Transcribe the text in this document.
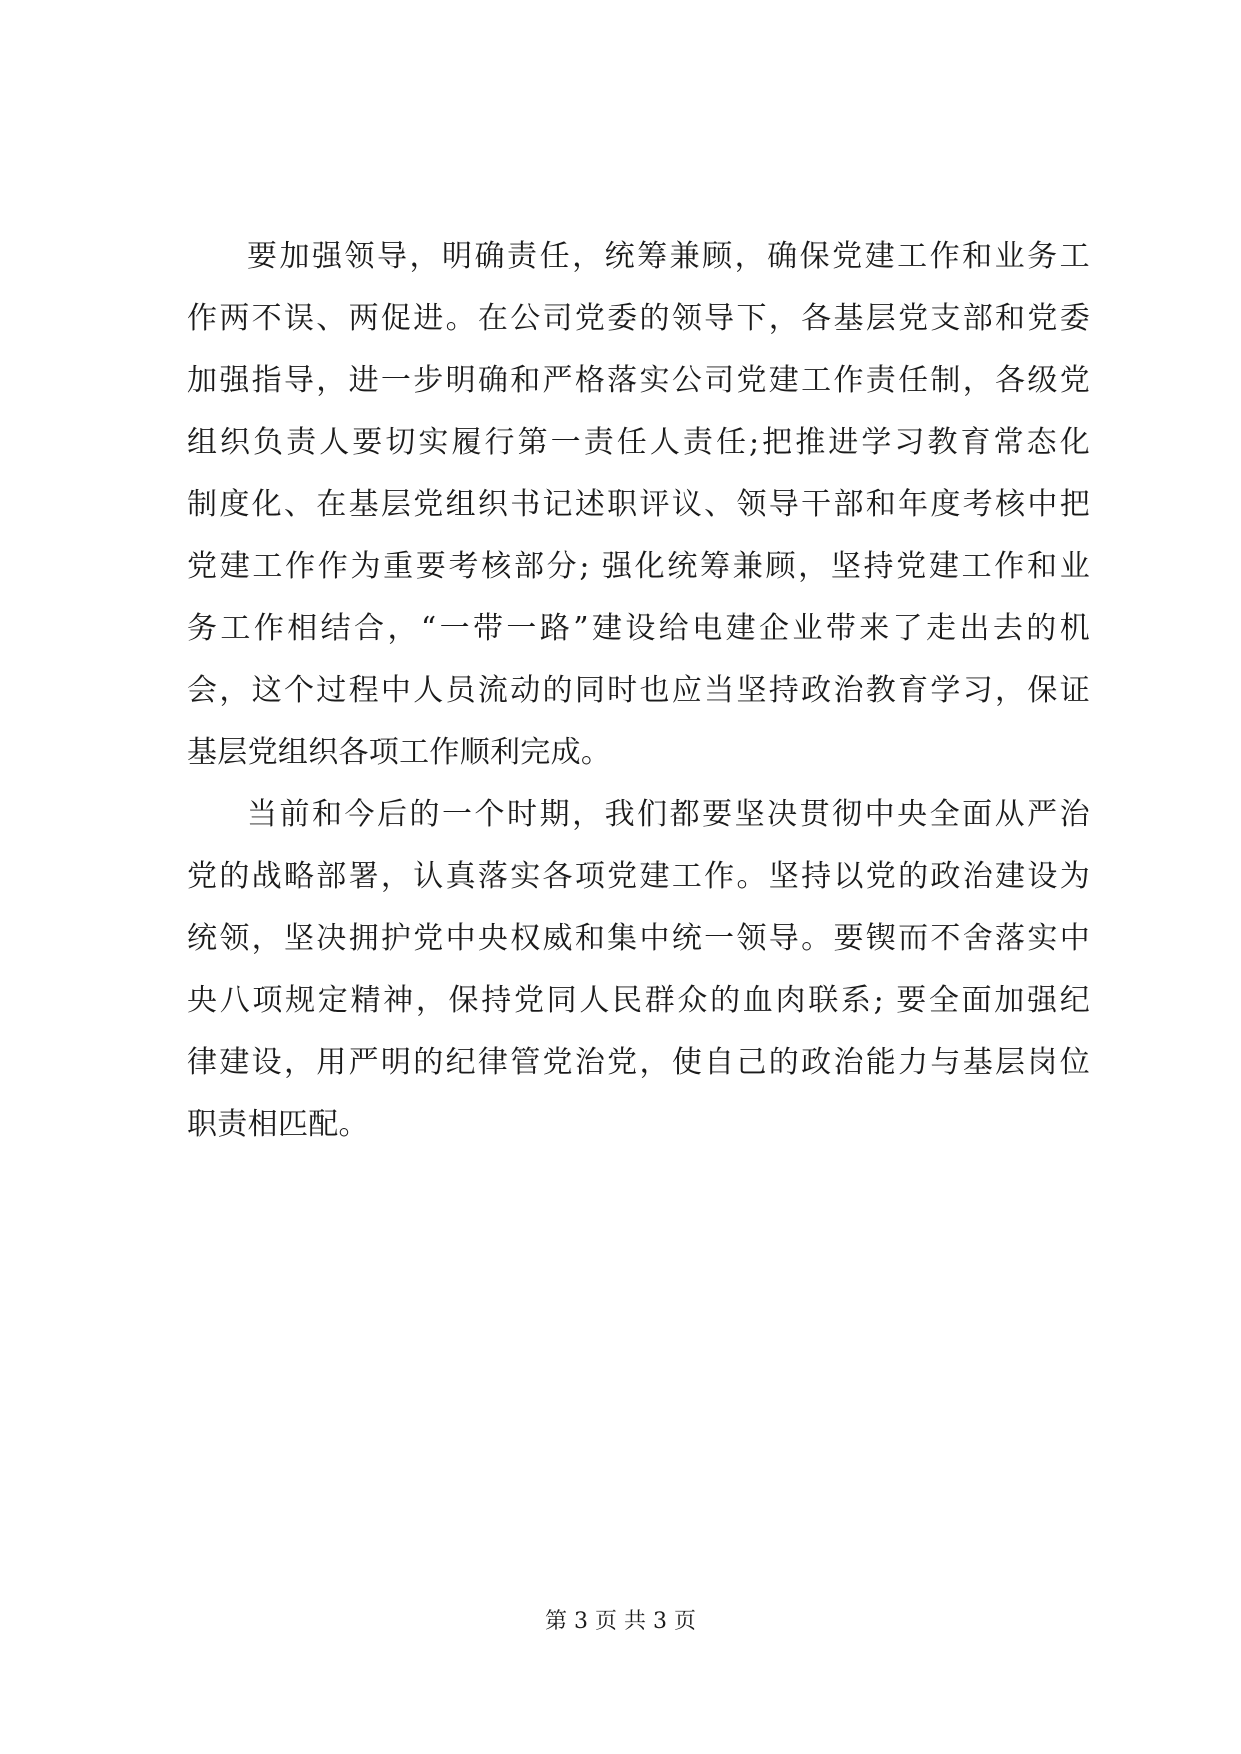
要加强领导，明确责任，统筹兼顾，确保党建工作和业务工
作两不误、两促进。在公司党委的领导下，各基层党支部和党委
加强指导，进一步明确和严格落实公司党建工作责任制，各级党
组织负责人要切实履行第一责任人责任;把推进学习教育常态化
制度化、在基层党组织书记述职评议、领导干部和年度考核中把
党建工作作为重要考核部分; 强化统筹兼顾，坚持党建工作和业
务工作相结合，“一带一路”建设给电建企业带来了走出去的机
会，这个过程中人员流动的同时也应当坚持政治教育学习，保证
基层党组织各项工作顺利完成。
当前和今后的一个时期，我们都要坚决贯彻中央全面从严治
党的战略部署，认真落实各项党建工作。坚持以党的政治建设为
统领，坚决拥护党中央权威和集中统一领导。要锲而不舍落实中
央八项规定精神，保持党同人民群众的血肉联系; 要全面加强纪
律建设，用严明的纪律管党治党，使自己的政治能力与基层岗位
职责相匹配。
第 3 页 共 3 页
